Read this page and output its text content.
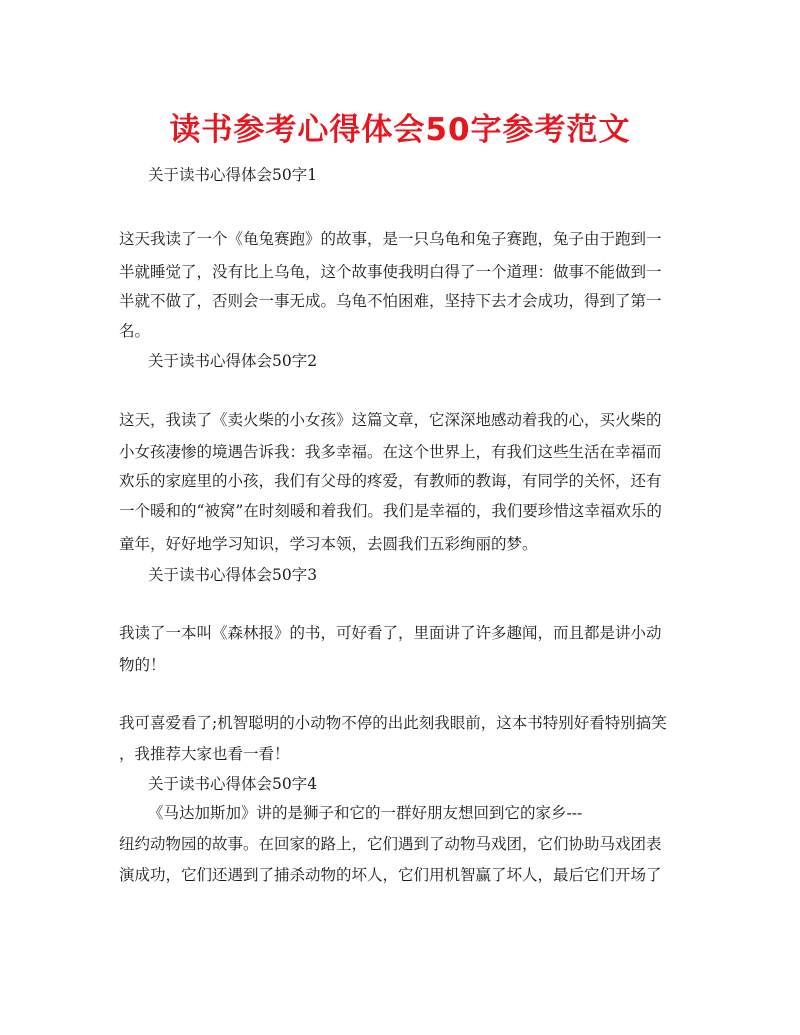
读书参考心得体会50字参考范文
关于读书心得体会50字1
这天我读了一个《龟兔赛跑》的故事，是一只乌龟和兔子赛跑，兔子由于跑到一
半就睡觉了，没有比上乌龟，这个故事使我明白得了一个道理：做事不能做到一
半就不做了，否则会一事无成。乌龟不怕困难，坚持下去才会成功，得到了第一
名。
关于读书心得体会50字2
这天，我读了《卖火柴的小女孩》这篇文章，它深深地感动着我的心，买火柴的
小女孩凄惨的境遇告诉我：我多幸福。在这个世界上，有我们这些生活在幸福而
欢乐的家庭里的小孩，我们有父母的疼爱，有教师的教诲，有同学的关怀，还有
一个暖和的“被窝”在时刻暖和着我们。我们是幸福的，我们要珍惜这幸福欢乐的
童年，好好地学习知识，学习本领，去圆我们五彩绚丽的梦。
关于读书心得体会50字3
我读了一本叫《森林报》的书，可好看了，里面讲了许多趣闻，而且都是讲小动
物的！
我可喜爱看了;机智聪明的小动物不停的出此刻我眼前，这本书特别好看特别搞笑
，我推荐大家也看一看！
关于读书心得体会50字4
《马达加斯加》讲的是狮子和它的一群好朋友想回到它的家乡---
纽约动物园的故事。在回家的路上，它们遇到了动物马戏团，它们协助马戏团表
演成功，它们还遇到了捕杀动物的坏人，它们用机智赢了坏人，最后它们开场了
